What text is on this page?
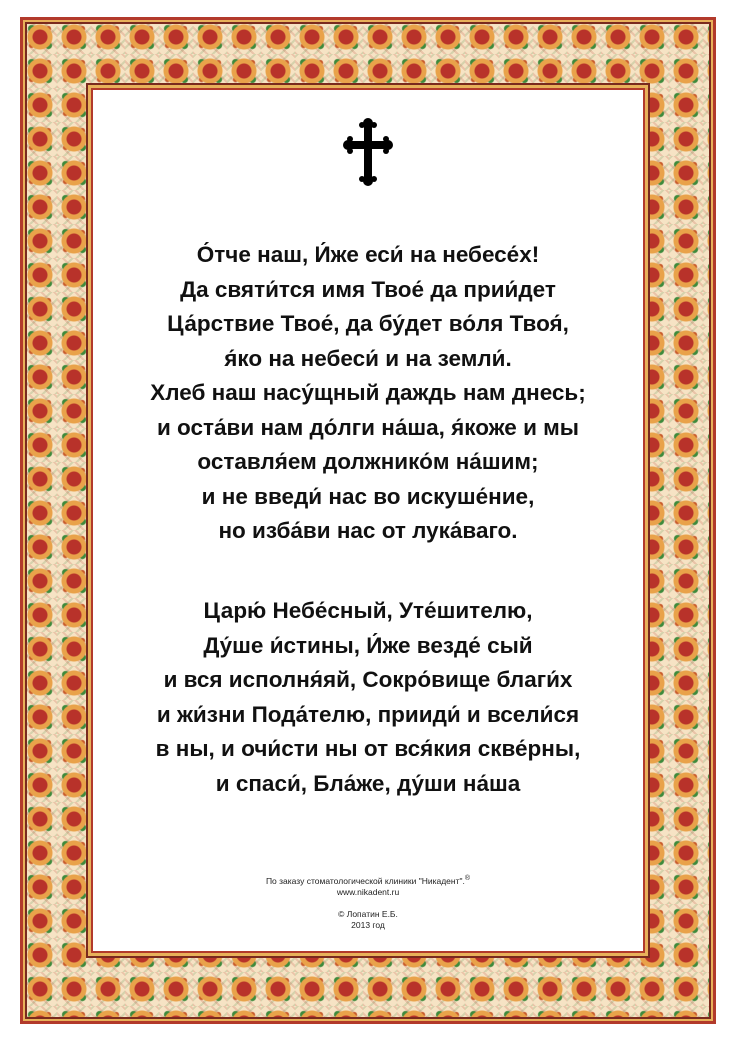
О́тче наш, И́же еси́ на небесе́х!
Да святи́тся имя Твое́ да прии́дет
Ца́рствие Твое́, да бу́дет во́ля Твоя́,
я́ко на небеси́ и на земли́.
Хлеб наш насу́щный даждь нам днесь;
и оста́ви нам до́лги на́ша, я́коже и мы
оставля́ем должнико́м на́шим;
и не введи́ нас во искуше́ние,
но изба́ви нас от лука́ваго.
Царю́ Небе́сный, Уте́шителю,
Ду́ше и́стины, И́же везде́ сый
и вся исполня́яй, Сокро́вище благи́х
и жи́зни Пода́телю, прииди́ и всели́ся
в ны, и очи́сти ны от вся́кия скве́рны,
и спаси́, Бла́же, ду́ши на́ша
По заказу стоматологической клиники "Никадент".®
www.nikadent.ru
© Лопатин Е.Б.
2013 год
